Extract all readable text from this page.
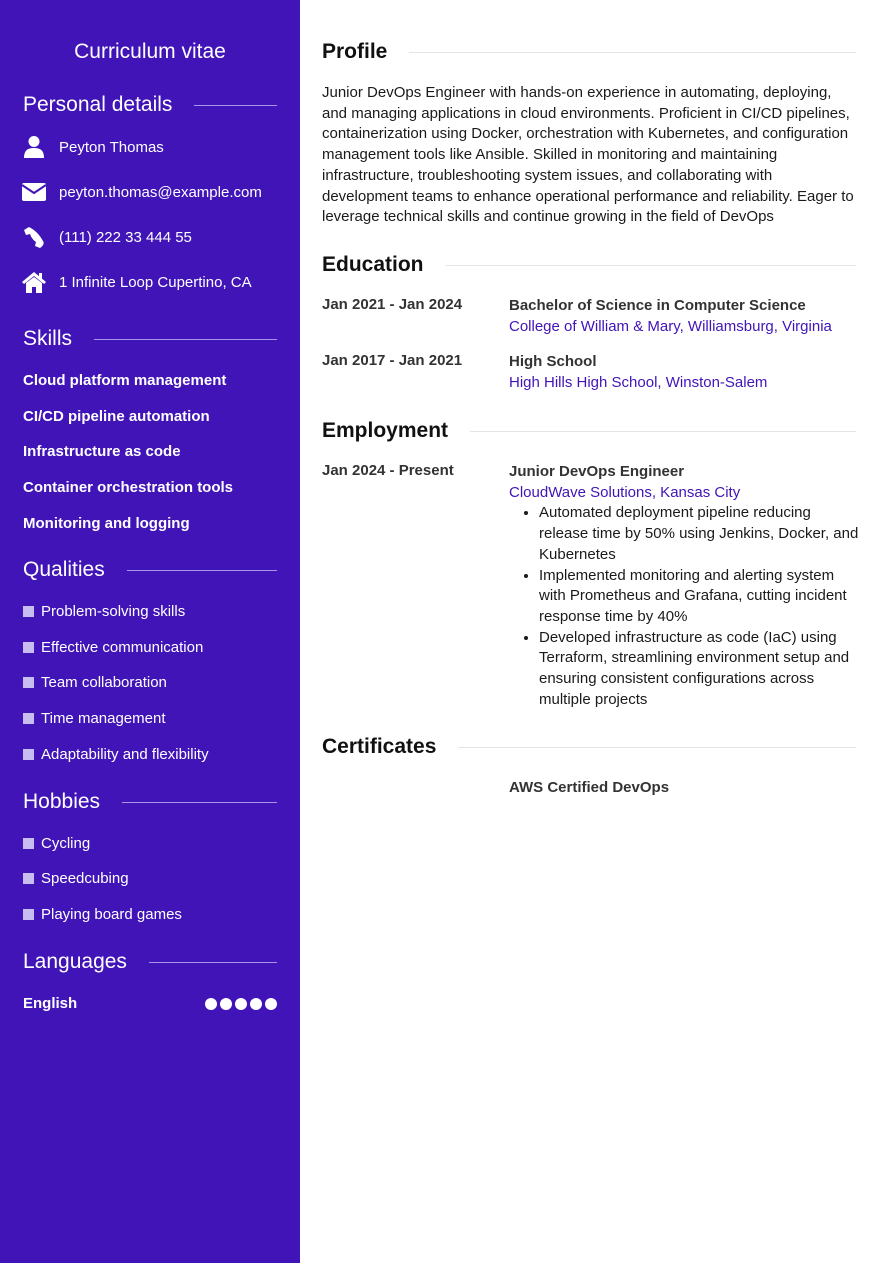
Curriculum vitae
Personal details
Peyton Thomas
peyton.thomas@example.com
(111) 222 33 444 55
1 Infinite Loop Cupertino, CA
Skills
Cloud platform management
CI/CD pipeline automation
Infrastructure as code
Container orchestration tools
Monitoring and logging
Qualities
Problem-solving skills
Effective communication
Team collaboration
Time management
Adaptability and flexibility
Hobbies
Cycling
Speedcubing
Playing board games
Languages
English
Profile

Junior DevOps Engineer with hands-on experience in automating, deploying, and managing applications in cloud environments. Proficient in CI/CD pipelines, containerization using Docker, orchestration with Kubernetes, and configuration management tools like Ansible. Skilled in monitoring and maintaining infrastructure, troubleshooting system issues, and collaborating with development teams to enhance operational performance and reliability. Eager to leverage technical skills and continue growing in the field of DevOps

Education
Jan 2021 - Jan 2024	Bachelor of Science in Computer Science
College of William & Mary, Williamsburg, Virginia
Jan 2017 - Jan 2021	High School
High Hills High School, Winston-Salem
Employment
Jan 2024 - Present	Junior DevOps Engineer
CloudWave Solutions, Kansas City
• Automated deployment pipeline reducing release time by 50% using Jenkins, Docker, and Kubernetes
• Implemented monitoring and alerting system with Prometheus and Grafana, cutting incident response time by 40%
• Developed infrastructure as code (IaC) using Terraform, streamlining environment setup and ensuring consistent configurations across multiple projects
Certificates
AWS Certified DevOps
